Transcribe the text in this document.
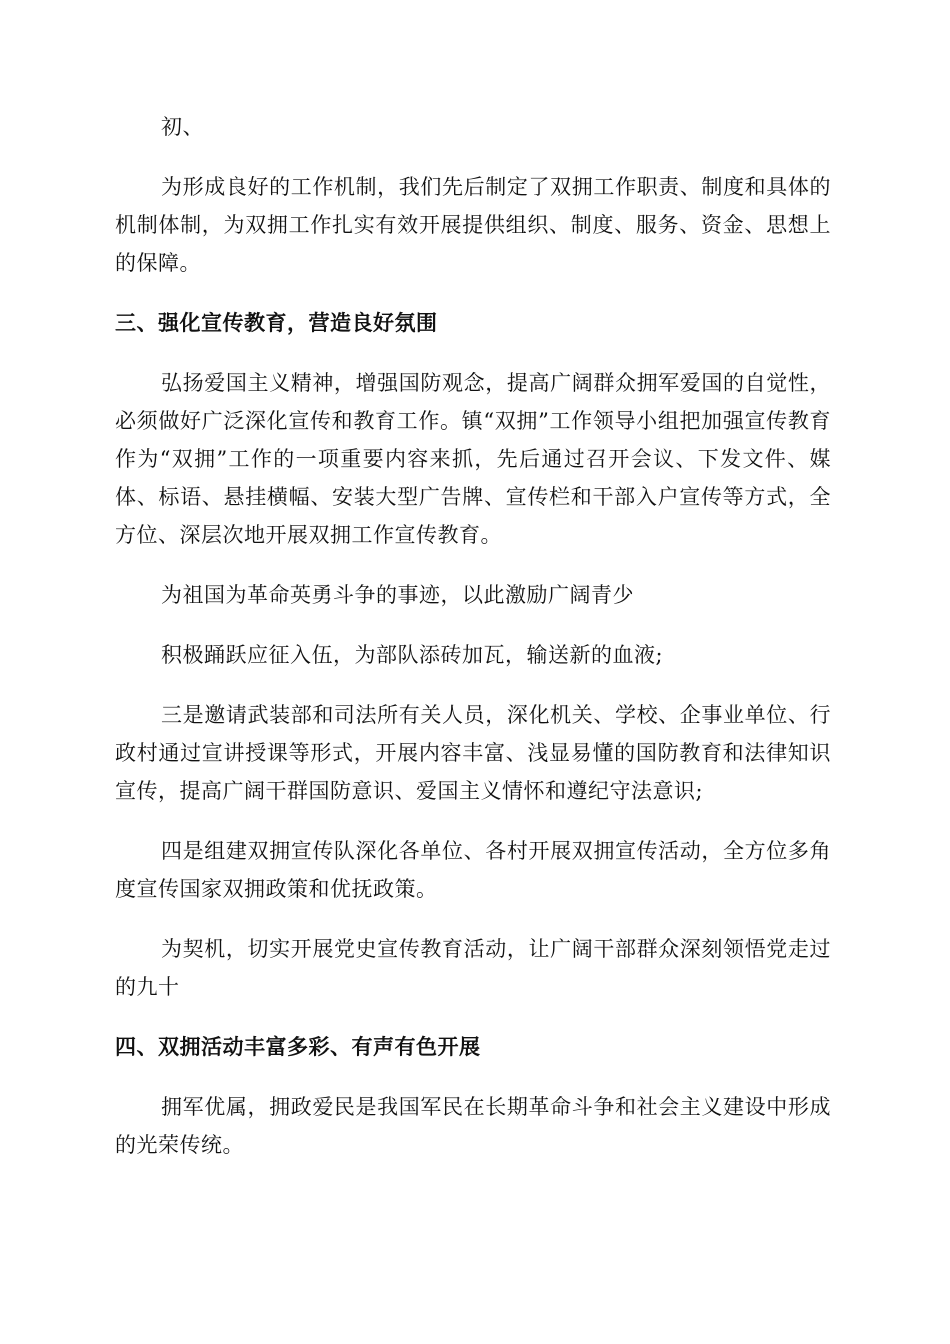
初、

为形成良好的工作机制，我们先后制定了双拥工作职责、制度和具体的机制体制，为双拥工作扎实有效开展提供组织、制度、服务、资金、思想上的保障。

三、强化宣传教育，营造良好氛围

弘扬爱国主义精神，增强国防观念，提高广阔群众拥军爱国的自觉性，必须做好广泛深化宣传和教育工作。镇“双拥”工作领导小组把加强宣传教育作为“双拥”工作的一项重要内容来抓，先后通过召开会议、下发文件、媒体、标语、悬挂横幅、安装大型广告牌、宣传栏和干部入户宣传等方式，全方位、深层次地开展双拥工作宣传教育。

为祖国为革命英勇斗争的事迹，以此激励广阔青少

积极踊跃应征入伍，为部队添砖加瓦，输送新的血液;

三是邀请武装部和司法所有关人员，深化机关、学校、企事业单位、行政村通过宣讲授课等形式，开展内容丰富、浅显易懂的国防教育和法律知识宣传，提高广阔干群国防意识、爱国主义情怀和遵纪守法意识;

四是组建双拥宣传队深化各单位、各村开展双拥宣传活动，全方位多角度宣传国家双拥政策和优抚政策。

为契机，切实开展党史宣传教育活动，让广阔干部群众深刻领悟党走过的九十

四、双拥活动丰富多彩、有声有色开展

拥军优属，拥政爱民是我国军民在长期革命斗争和社会主义建设中形成的光荣传统。
